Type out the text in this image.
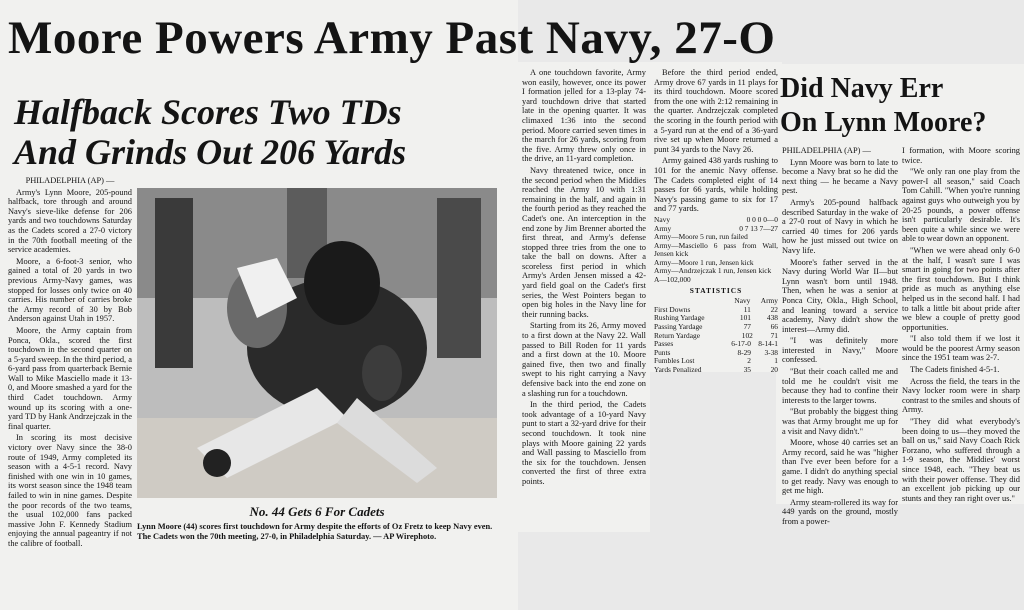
Moore Powers Army Past Navy, 27-O
Halfback Scores Two TDs
And Grinds Out 206 Yards

PHILADELPHIA (AP) —

Army's Lynn Moore, 205-pound halfback, tore through and around Navy's sieve-like defense for 206 yards and two touchdowns Saturday as the Cadets scored a 27-0 victory in the 70th football meeting of the service academies.

Moore, a 6-foot-3 senior, who gained a total of 20 yards in two previous Army-Navy games, was stopped for losses only twice on 40 carries. His number of carries broke the Army record of 30 by Bob Anderson against Utah in 1957.

Moore, the Army captain from Ponca, Okla., scored the first touchdown in the second quarter on a 5-yard sweep. In the third period, a 6-yard pass from quarterback Bernie Wall to Mike Masciello made it 13-0, and Moore smashed a yard for the third Cadet touchdown. Army wound up its scoring with a one-yard TD by Hank Andrzejczak in the final quarter.

In scoring its most decisive victory over Navy since the 38-0 route of 1949, Army completed its season with a 4-5-1 record. Navy finished with one win in 10 games, its worst season since the 1948 team failed to win in nine games. Despite the poor records of the two teams, the usual 102,000 fans packed massive John F. Kennedy Stadium enjoying the annual pageantry if not the calibre of football.

No. 44 Gets 6 For Cadets
Lynn Moore (44) scores first touchdown for Army despite the efforts of Oz Fretz to keep Navy even. The Cadets won the 70th meeting, 27-0, in Philadelphia Saturday. — AP Wirephoto.

A one touchdown favorite, Army won easily, however, once its power I formation jelled for a 13-play 74-yard touchdown drive that started late in the opening quarter. It was climaxed 1:36 into the second period. Moore carried seven times in the march for 26 yards, scoring from the five. Army threw only once in the drive, an 11-yard completion.

Navy threatened twice, once in the second period when the Middies reached the Army 10 with 1:31 remaining in the half, and again in the fourth period as they reached the Cadet's one. An interception in the end zone by Jim Brenner aborted the first threat, and Army's defense stopped three tries from the one to take the ball on downs. After a scoreless first period in which Army's Arden Jensen missed a 42-yard field goal on the Cadet's first series, the West Pointers began to open big holes in the Navy line for their running backs.

Starting from its 26, Army moved to a first down at the Navy 22. Wall passed to Bill Roden for 11 yards and a first down at the 10. Moore gained five, then two and finally swept to his right carrying a Navy defensive back into the end zone on a slashing run for a touchdown.

In the third period, the Cadets took advantage of a 10-yard Navy punt to start a 32-yard drive for their second touchdown. It took nine plays with Moore gaining 22 yards and Wall passing to Masciello from the six for the touchdown. Jensen converted the first of three extra points.

Before the third period ended, Army drove 67 yards in 11 plays for its third touchdown. Moore scored from the one with 2:12 remaining in the quarter. Andrzejczak completed the scoring in the fourth period with a 5-yard run at the end of a 36-yard rive set up when Moore returned a punt 34 yards to the Navy 26.

Army gained 438 yards rushing to 101 for the anemic Navy offense. The Cadets completed eight of 14 passes for 66 yards, while holding Navy's passing game to six for 17 and 77 yards.

Navy	0 0 0 0—0
Army	0 7 13 7—27
Army—Moore 5 run, run failed
Army—Masciello 6 pass from Wall, Jensen kick
Army—Moore 1 run, Jensen kick
Army—Andrzejczak 1 run, Jensen kick
A—102,000
STATISTICS
Navy Army
First Downs	11	22
Rushing Yardage	101 438
Passing Yardage	77	66
Return Yardage	102 71
Passes	6-17-0 8-14-1
Punts	8-29 3-38
Fumbles Lost	2	1
Yards Penalized	35	20
Did Navy Err
On Lynn Moore?

PHILADELPHIA (AP) —

Lynn Moore was born to late to become a Navy brat so he did the next thing — he became a Navy pest.

Army's 205-pound halfback described Saturday in the wake of a 27-0 rout of Navy in which he carried 40 times for 206 yards how he just missed out twice on Navy life.

Moore's father served in the Navy during World War II—but Lynn wasn't born until 1948. Then, when he was a senior at Ponca City, Okla., High School, and leaning toward a service academy, Navy didn't show the interest—Army did.

"I was definitely more interested in Navy," Moore confessed.

"But their coach called me and told me he couldn't visit me because they had to confine their interests to the larger towns.

"But probably the biggest thing was that Army brought me up for a visit and Navy didn't."

Moore, whose 40 carries set an Army record, said he was "higher than I've ever been before for a game. I didn't do anything special to get ready. Navy was enough to get me high.

Army steam-rollered its way for 449 yards on the ground, mostly from a power-

I formation, with Moore scoring twice.

"We only ran one play from the power-I all season," said Coach Tom Cahill. "When you're running against guys who outweigh you by 20-25 pounds, a power offense isn't particularly desirable. It's been quite a while since we were able to wear down an opponent.

"When we were ahead only 6-0 at the half, I wasn't sure I was smart in going for two points after the first touchdown. But I think pride as much as anything else helped us in the second half. I had to talk a little bit about pride after we blew a couple of pretty good opportunities.

"I also told them if we lost it would be the poorest Army season since the 1951 team was 2-7.

The Cadets finished 4-5-1.

Across the field, the tears in the Navy locker room were in sharp contrast to the smiles and shouts of Army.

"They did what everybody's been doing to us—they moved the ball on us," said Navy Coach Rick Forzano, who suffered through a 1-9 season, the Middies' worst since 1948, each. "They beat us with their power offense. They did an excellent job picking up our stunts and they ran right over us."
